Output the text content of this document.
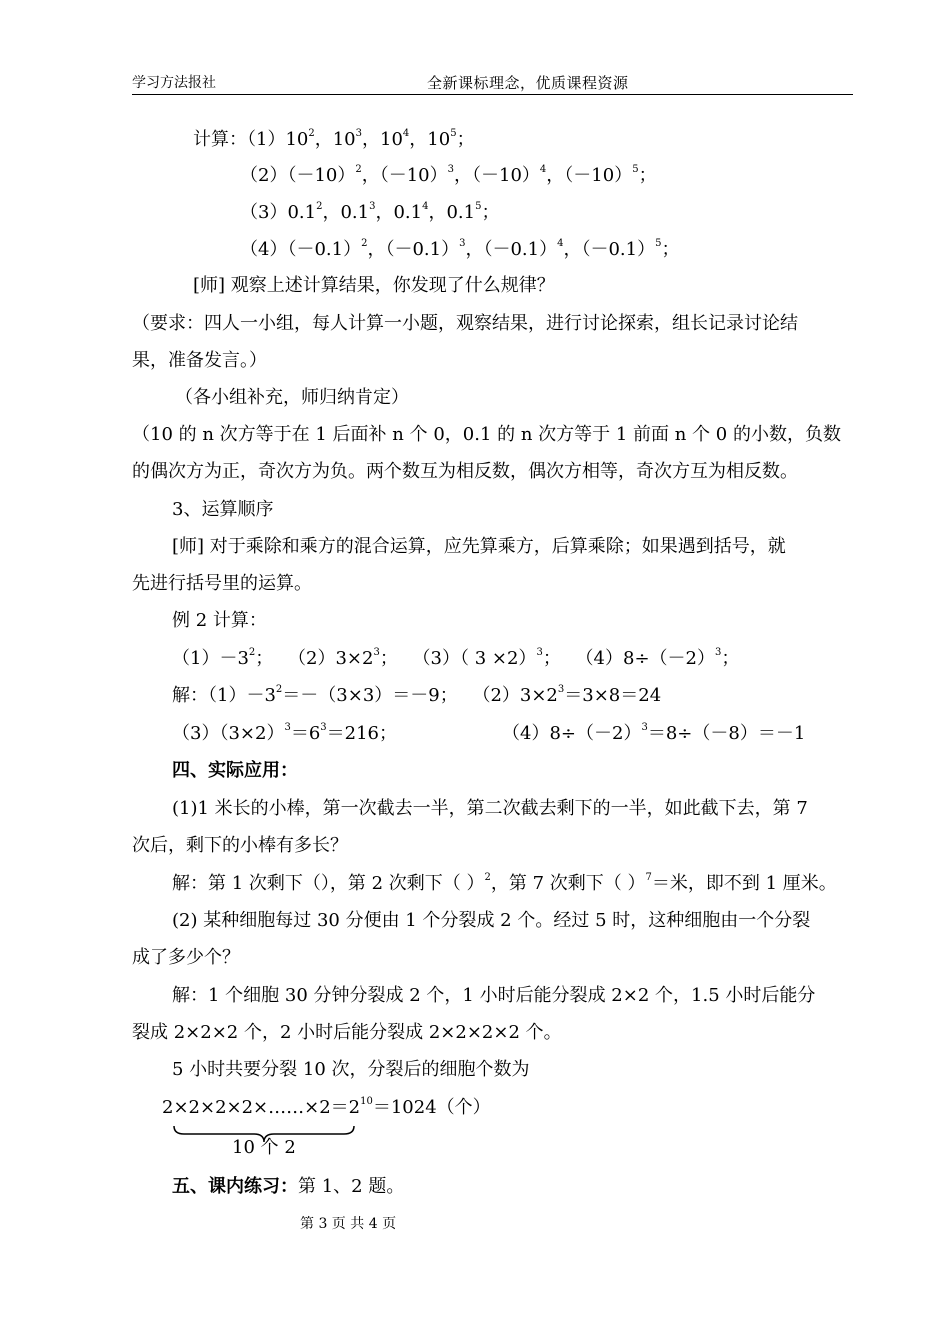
学习方法报社	全新课标理念，优质课程资源
计算：$(1)10^2$，$10^3$，$10^4$，$10^5$；
$(2)(-10)^2$，$(-10)^3$，$(-10)^4$，$(-10)^5$；
$(3)0.1^2$，$0.1^3$，$0.1^4$，$0.1^5$；
$(4)(-0.1)^2$，$(-0.1)^3$，$(-0.1)^4$，$(-0.1)^5$；
[师] 观察上述计算结果，你发现了什么规律？
（要求：四人一小组，每人计算一小题，观察结果，进行讨论探索，组长记录讨论结
果，准备发言。）
（各小组补充，师归纳肯定）
（10 的 n 次方等于在 1 后面补 n 个 0，0.1 的 n 次方等于 1 前面 n 个 0 的小数，负数
的偶次方为正，奇次方为负。两个数互为相反数，偶次方相等，奇次方互为相反数。
3、运算顺序
[师] 对于乘除和乘方的混合运算，应先算乘方，后算乘除；如果遇到括号，就
先进行括号里的运算。
例 2 计算：
$(1)-3^2$；　 $(2)3\times 2^3$；　 （3）（ 3 ×2）$^3$；　 $(4)8\div(-2)^3$；
解：$(1)-3^2=-(3\times 3)=-9$；　 $(2)3\times 2^3=3\times 8=24$
$(3)(3\times 2)^3=6^3=216$；	$(4)8\div(-2)^3=8\div(-8)=-1$
四、实际应用：
(1)1 米长的小棒，第一次截去一半，第二次截去剩下的一半，如此截下去，第 7
次后，剩下的小棒有多长？
解：第 1 次剩下（），第 2 次剩下（ ）$^2$，第 7 次剩下（ ）$^7$＝米，即不到 1 厘米。
(2) 某种细胞每过 30 分便由 1 个分裂成 2 个。经过 5 时，这种细胞由一个分裂
成了多少个？
解：1 个细胞 30 分钟分裂成 2 个，1 小时后能分裂成 2×2 个，1.5 小时后能分
裂成 2×2×2 个，2 小时后能分裂成 2×2×2×2 个。
5 小时共要分裂 10 次，分裂后的细胞个数为
$2\times 2\times 2\times 2\times\dots\dots\times 2=2^{10}=1024$（个）
10 个 2
五、课内练习：第 1、2 题。
第 3 页 共 4 页
